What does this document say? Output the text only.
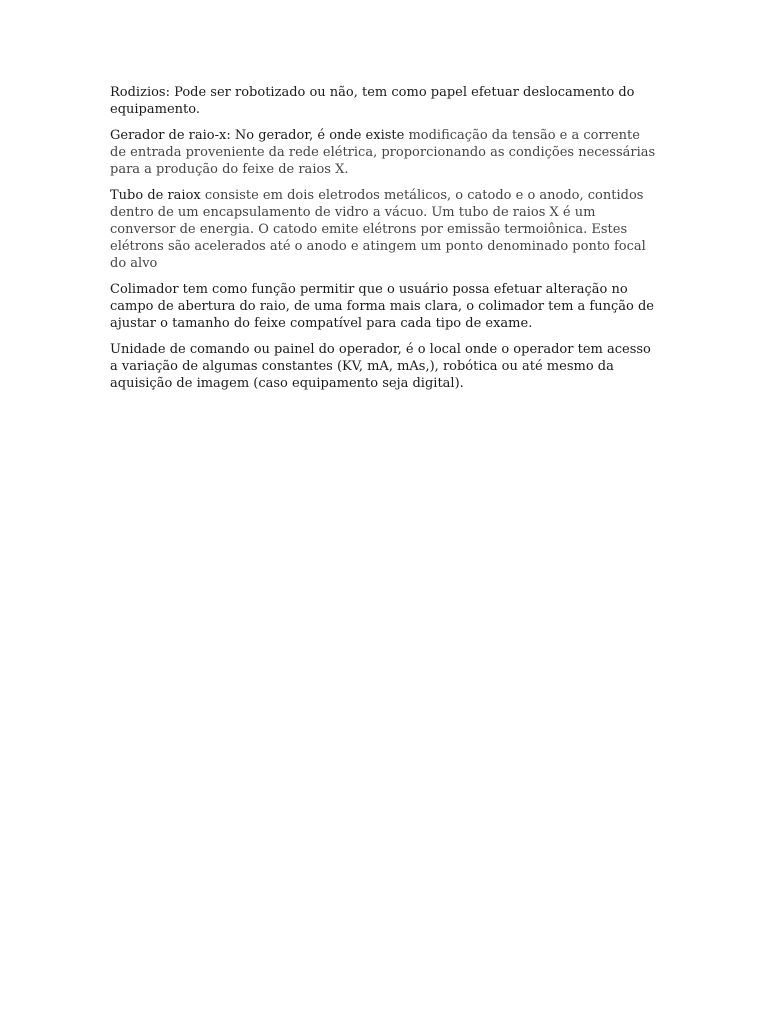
Rodizios: Pode ser robotizado ou não, tem como papel efetuar deslocamento do equipamento.

Gerador de raio-x: No gerador, é onde existe modificação da tensão e a corrente de entrada proveniente da rede elétrica, proporcionando as condições necessárias para a produção do feixe de raios X.

Tubo de raiox consiste em dois eletrodos metálicos, o catodo e o anodo, contidos dentro de um encapsulamento de vidro a vácuo. Um tubo de raios X é um conversor de energia. O catodo emite elétrons por emissão termoiônica. Estes elétrons são acelerados até o anodo e atingem um ponto denominado ponto focal do alvo

Colimador tem como função permitir que o usuário possa efetuar alteração no campo de abertura do raio, de uma forma mais clara, o colimador tem a função de ajustar o tamanho do feixe compatível para cada tipo de exame.

Unidade de comando ou painel do operador, é o local onde o operador tem acesso a variação de algumas constantes (KV, mA, mAs,), robótica ou até mesmo da aquisição de imagem (caso equipamento seja digital).
